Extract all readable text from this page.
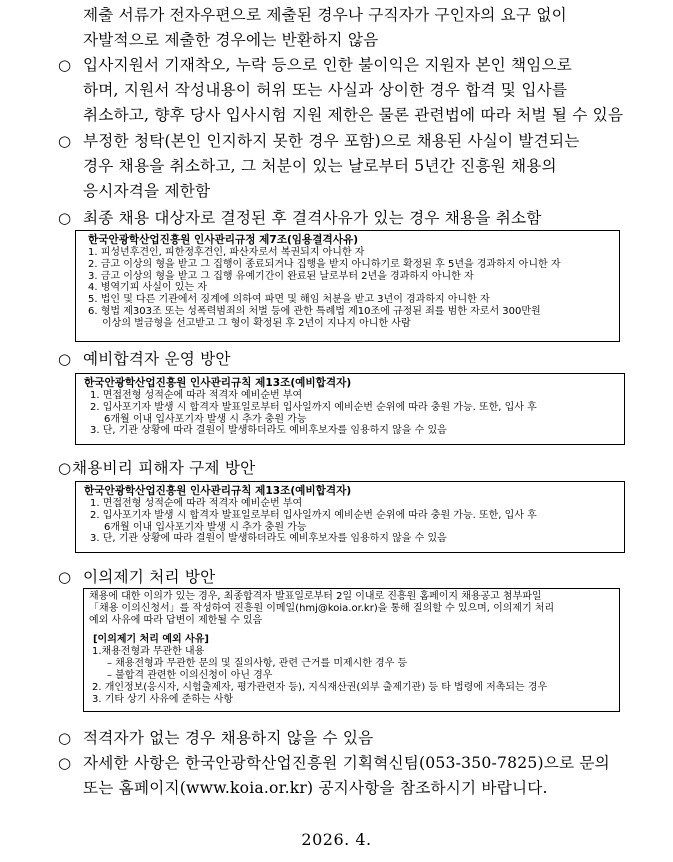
제출 서류가 전자우편으로 제출된 경우나 구직자가 구인자의 요구 없이
자발적으로 제출한 경우에는 반환하지 않음
○ 입사지원서 기재착오, 누락 등으로 인한 불이익은 지원자 본인 책임으로
하며, 지원서 작성내용이 허위 또는 사실과 상이한 경우 합격 및 입사를
취소하고, 향후 당사 입사시험 지원 제한은 물론 관련법에 따라 처벌 될 수 있음
○ 부정한 청탁(본인 인지하지 못한 경우 포함)으로 채용된 사실이 발견되는
경우 채용을 취소하고, 그 처분이 있는 날로부터 5년간 진흥원 채용의
응시자격을 제한함
○ 최종 채용 대상자로 결정된 후 결격사유가 있는 경우 채용을 취소함
한국안광학산업진흥원 인사관리규정 제7조(임용결격사유)
1. 피성년후견인, 피한정후견인, 파산자로서 복권되지 아니한 자
2. 금고 이상의 형을 받고 그 집행이 종료되거나 집행을 받지 아니하기로 확정된 후 5년을 경과하지 아니한 자
3. 금고 이상의 형을 받고 그 집행 유예기간이 완료된 날로부터 2년을 경과하지 아니한 자
4. 병역기피 사실이 있는 자
5. 법인 및 다른 기관에서 징계에 의하여 파면 및 해임 처분을 받고 3년이 경과하지 아니한 자
6. 형법 제303조 또는 성폭력범죄의 처벌 등에 관한 특례법 제10조에 규정된 죄를 범한 자로서 300만원
이상의 벌금형을 선고받고 그 형이 확정된 후 2년이 지나지 아니한 사람
○ 예비합격자 운영 방안
한국안광학산업진흥원 인사관리규칙 제13조(예비합격자)
1. 면접전형 성적순에 따라 적격자 예비순번 부여
2. 입사포기자 발생 시 합격자 발표일로부터 입사일까지 예비순번 순위에 따라 충원 가능. 또한, 입사 후
6개월 이내 입사포기자 발생 시 추가 충원 가능
3. 단, 기관 상황에 따라 결원이 발생하더라도 예비후보자를 임용하지 않을 수 있음
○ 채용비리 피해자 구제 방안
한국안광학산업진흥원 인사관리규칙 제13조(예비합격자)
1. 면접전형 성적순에 따라 적격자 예비순번 부여
2. 입사포기자 발생 시 합격자 발표일로부터 입사일까지 예비순번 순위에 따라 충원 가능. 또한, 입사 후
6개월 이내 입사포기자 발생 시 추가 충원 가능
3. 단, 기관 상황에 따라 결원이 발생하더라도 예비후보자를 임용하지 않을 수 있음
○ 이의제기 처리 방안
채용에 대한 이의가 있는 경우, 최종합격자 발표일로부터 2일 이내로 진흥원 홈페이지 채용공고 첨부파일
「채용 이의신청서」를 작성하여 진흥원 이메일(hmj@koia.or.kr)을 통해 질의할 수 있으며, 이의제기 처리
예외 사유에 따라 답변이 제한될 수 있음
[이의제기 처리 예외 사유]
1.채용전형과 무관한 내용
– 채용전형과 무관한 문의 및 질의사항, 관련 근거를 미제시한 경우 등
– 불합격 관련한 이의신청이 아닌 경우
2. 개인정보(응시자, 시험출제자, 평가관련자 등), 지식재산권(외부 출제기관) 등 타 법령에 저촉되는 경우
3. 기타 상기 사유에 준하는 사항
○ 적격자가 없는 경우 채용하지 않을 수 있음
○ 자세한 사항은 한국안광학산업진흥원 기획혁신팀(053-350-7825)으로 문의
또는 홈페이지(www.koia.or.kr) 공지사항을 참조하시기 바랍니다.
2026. 4.
